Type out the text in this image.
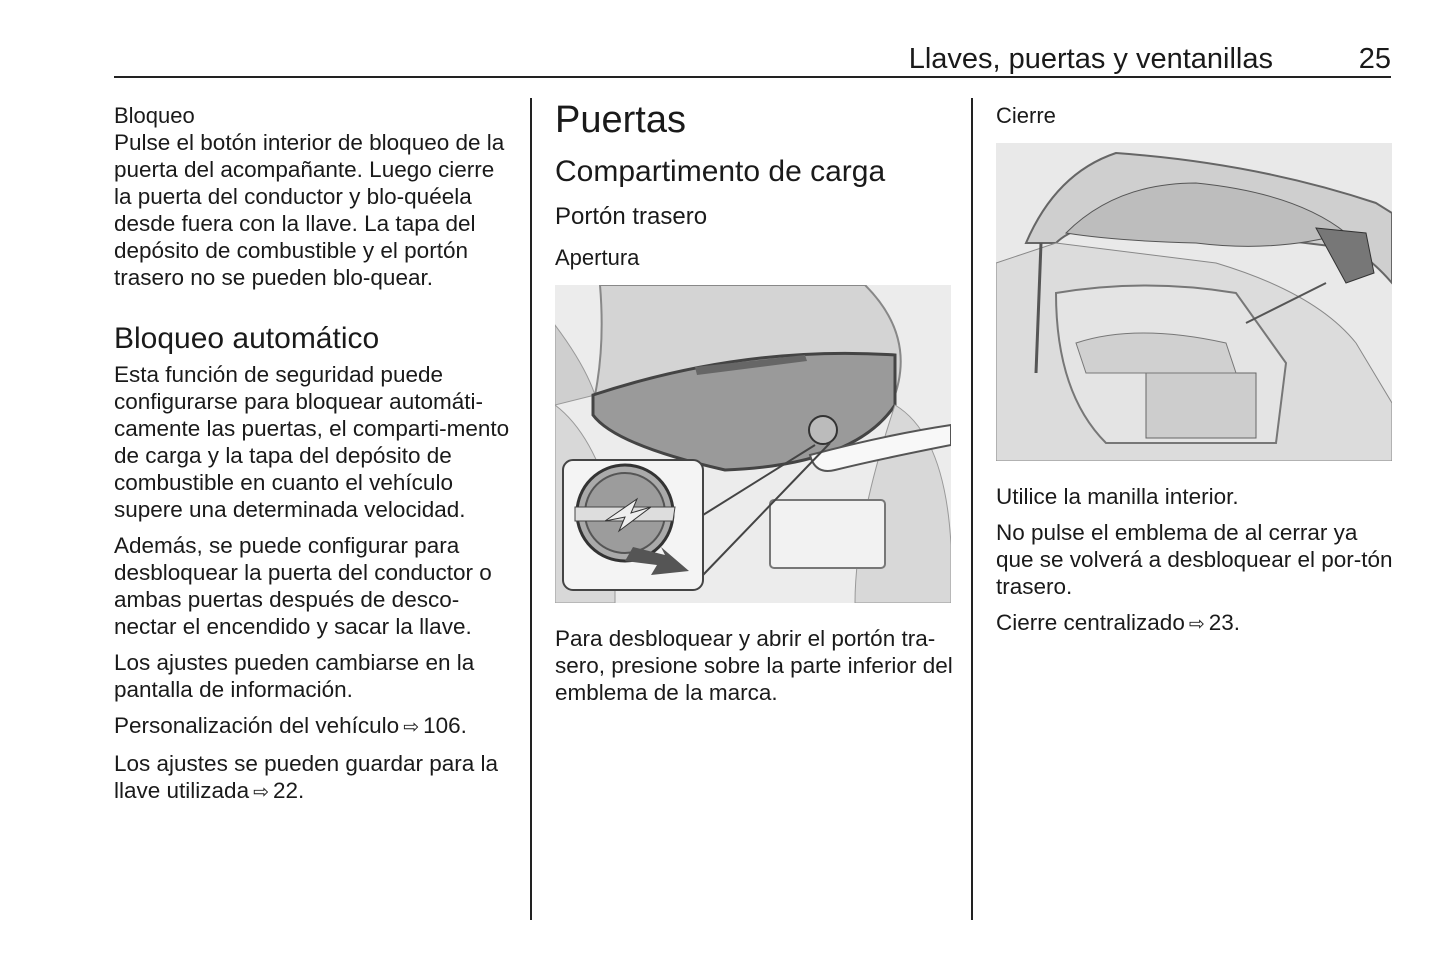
Llaves, puertas y ventanillas	25
Bloqueo

Pulse el botón interior de bloqueo de la puerta del acompañante. Luego cierre la puerta del conductor y blo-quéela desde fuera con la llave. La tapa del depósito de combustible y el portón trasero no se pueden blo-quear.

Bloqueo automático

Esta función de seguridad puede configurarse para bloquear automáti-camente las puertas, el comparti-mento de carga y la tapa del depósito de combustible en cuanto el vehículo supere una determinada velocidad.

Además, se puede configurar para desbloquear la puerta del conductor o ambas puertas después de desco-nectar el encendido y sacar la llave.

Los ajustes pueden cambiarse en la pantalla de información.

Personalización del vehículo ⇨ 106.

Los ajustes se pueden guardar para la llave utilizada ⇨ 22.

Puertas
Compartimento de carga
Portón trasero
Apertura

Para desbloquear y abrir el portón tra-sero, presione sobre la parte inferior del emblema de la marca.

Cierre

Utilice la manilla interior.

No pulse el emblema de al cerrar ya que se volverá a desbloquear el por-tón trasero.

Cierre centralizado ⇨ 23.
